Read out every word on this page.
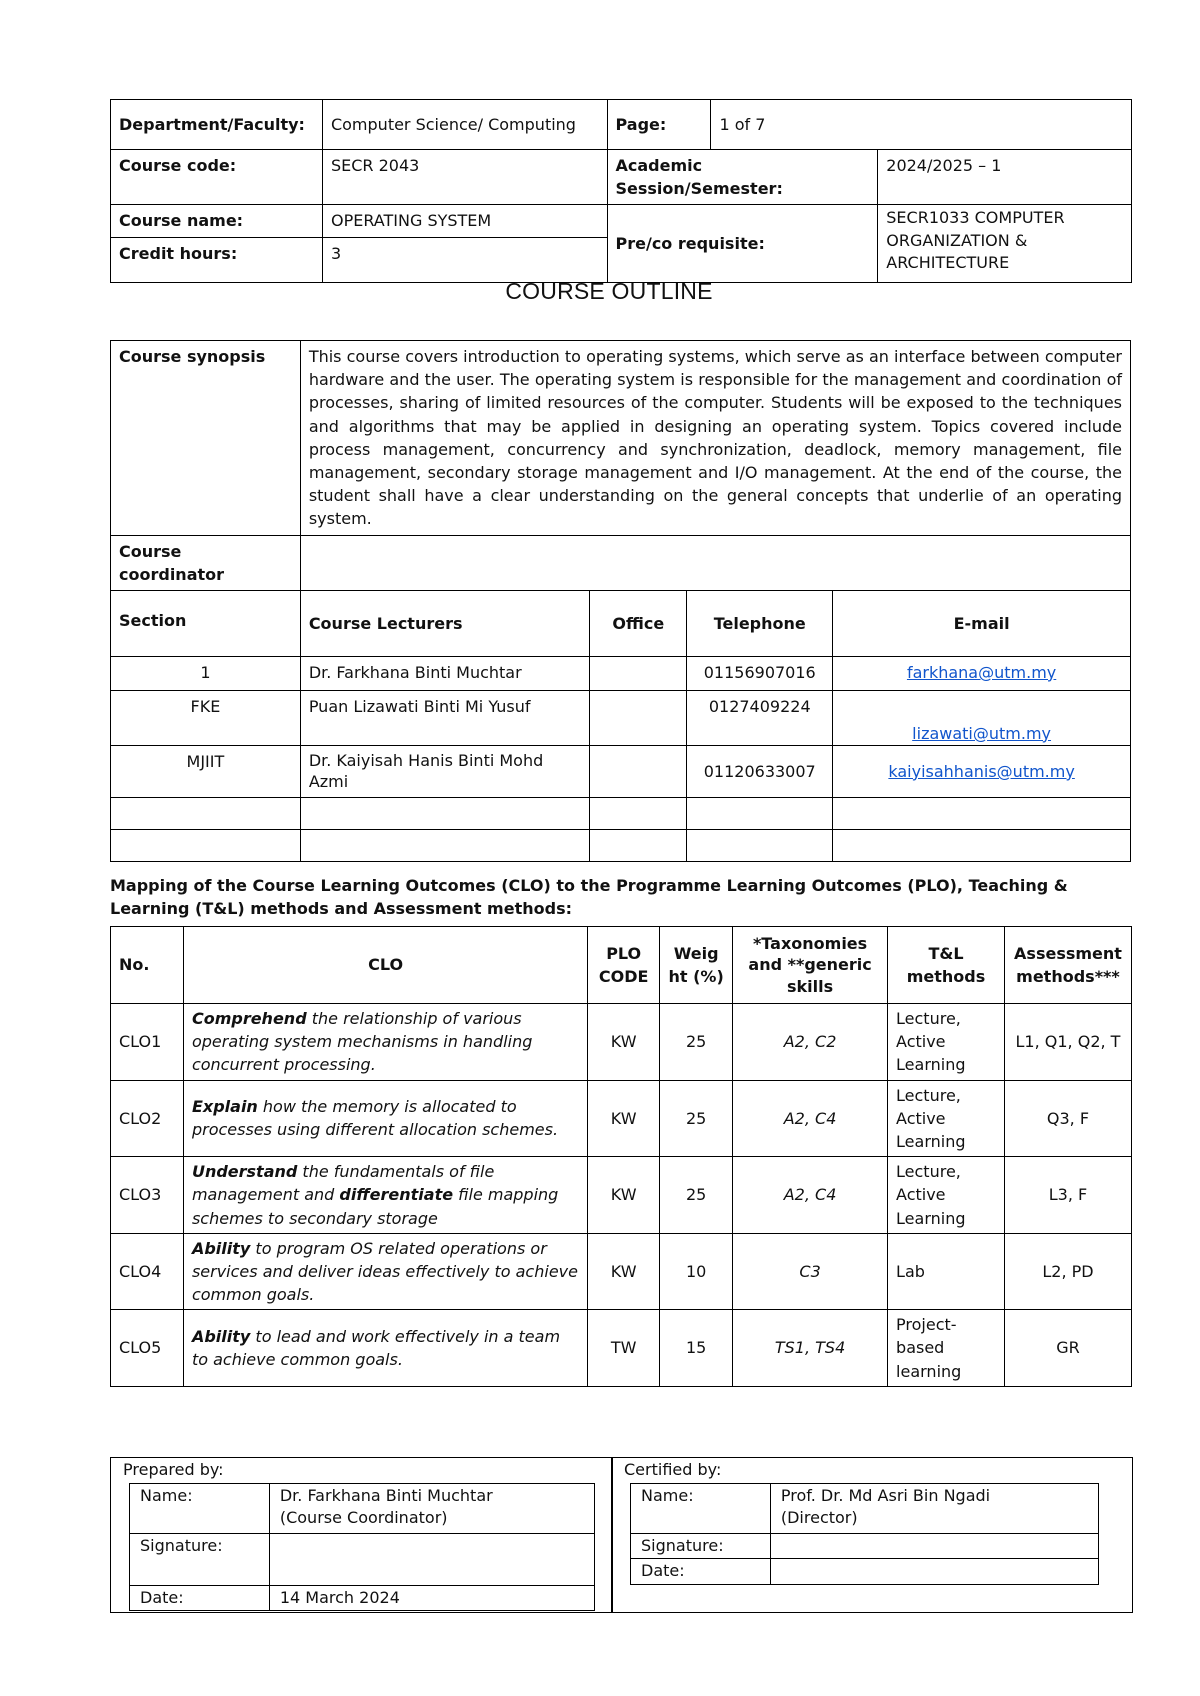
Department/Faculty:	Computer Science/ Computing	Page:	1 of 7	
Course code:	SECR 2043	Academic Session/Semester:		2024/2025 – 1
Course name:	OPERATING SYSTEM	Pre/co requisite:		SECR1033 COMPUTER ORGANIZATION & ARCHITECTURE
Credit hours:	3			
COURSE OUTLINE
Course synopsis	This course covers introduction to operating systems, which serve as an interface between computer hardware and the user. The operating system is responsible for the management and coordination of processes, sharing of limited resources of the computer. Students will be exposed to the techniques and algorithms that may be applied in designing an operating system. Topics covered include process management, concurrency and synchronization, deadlock, memory management, file management, secondary storage management and I/O management. At the end of the course, the student shall have a clear understanding on the general concepts that underlie of an operating system.			
Course coordinator				
Section	Course Lecturers	Office	Telephone	E-mail
1	Dr. Farkhana Binti Muchtar		01156907016	farkhana@utm.my
FKE	Puan Lizawati Binti Mi Yusuf		0127409224	lizawati@utm.my
MJIIT	Dr. Kaiyisah Hanis Binti Mohd Azmi		01120633007	kaiyisahhanis@utm.my

Mapping of the Course Learning Outcomes (CLO) to the Programme Learning Outcomes (PLO), Teaching & Learning (T&L) methods and Assessment methods:
No.	CLO	PLO CODE	Weig ht (%)	*Taxonomies and **generic skills	T&L methods	Assessment methods***
CLO1	Comprehend the relationship of various operating system mechanisms in handling concurrent processing.	KW	25	A2, C2	Lecture, Active Learning	L1, Q1, Q2, T
CLO2	Explain how the memory is allocated to processes using different allocation schemes.	KW	25	A2, C4	Lecture, Active Learning	Q3, F
CLO3	Understand the fundamentals of file management and differentiate file mapping schemes to secondary storage	KW	25	A2, C4	Lecture, Active Learning	L3, F
CLO4	Ability to program OS related operations or services and deliver ideas effectively to achieve common goals.	KW	10	C3	Lab	L2, PD
CLO5	Ability to lead and work effectively in a team to achieve common goals.	TW	15	TS1, TS4	Project-based learning	GR
Prepared by:
Name:	Dr. Farkhana Binti Muchtar
(Course Coordinator)

Signature:	
Date:	14 March 2024
Certified by:
Name:	Prof. Dr. Md Asri Bin Ngadi
(Director)

Signature:	
Date:	
